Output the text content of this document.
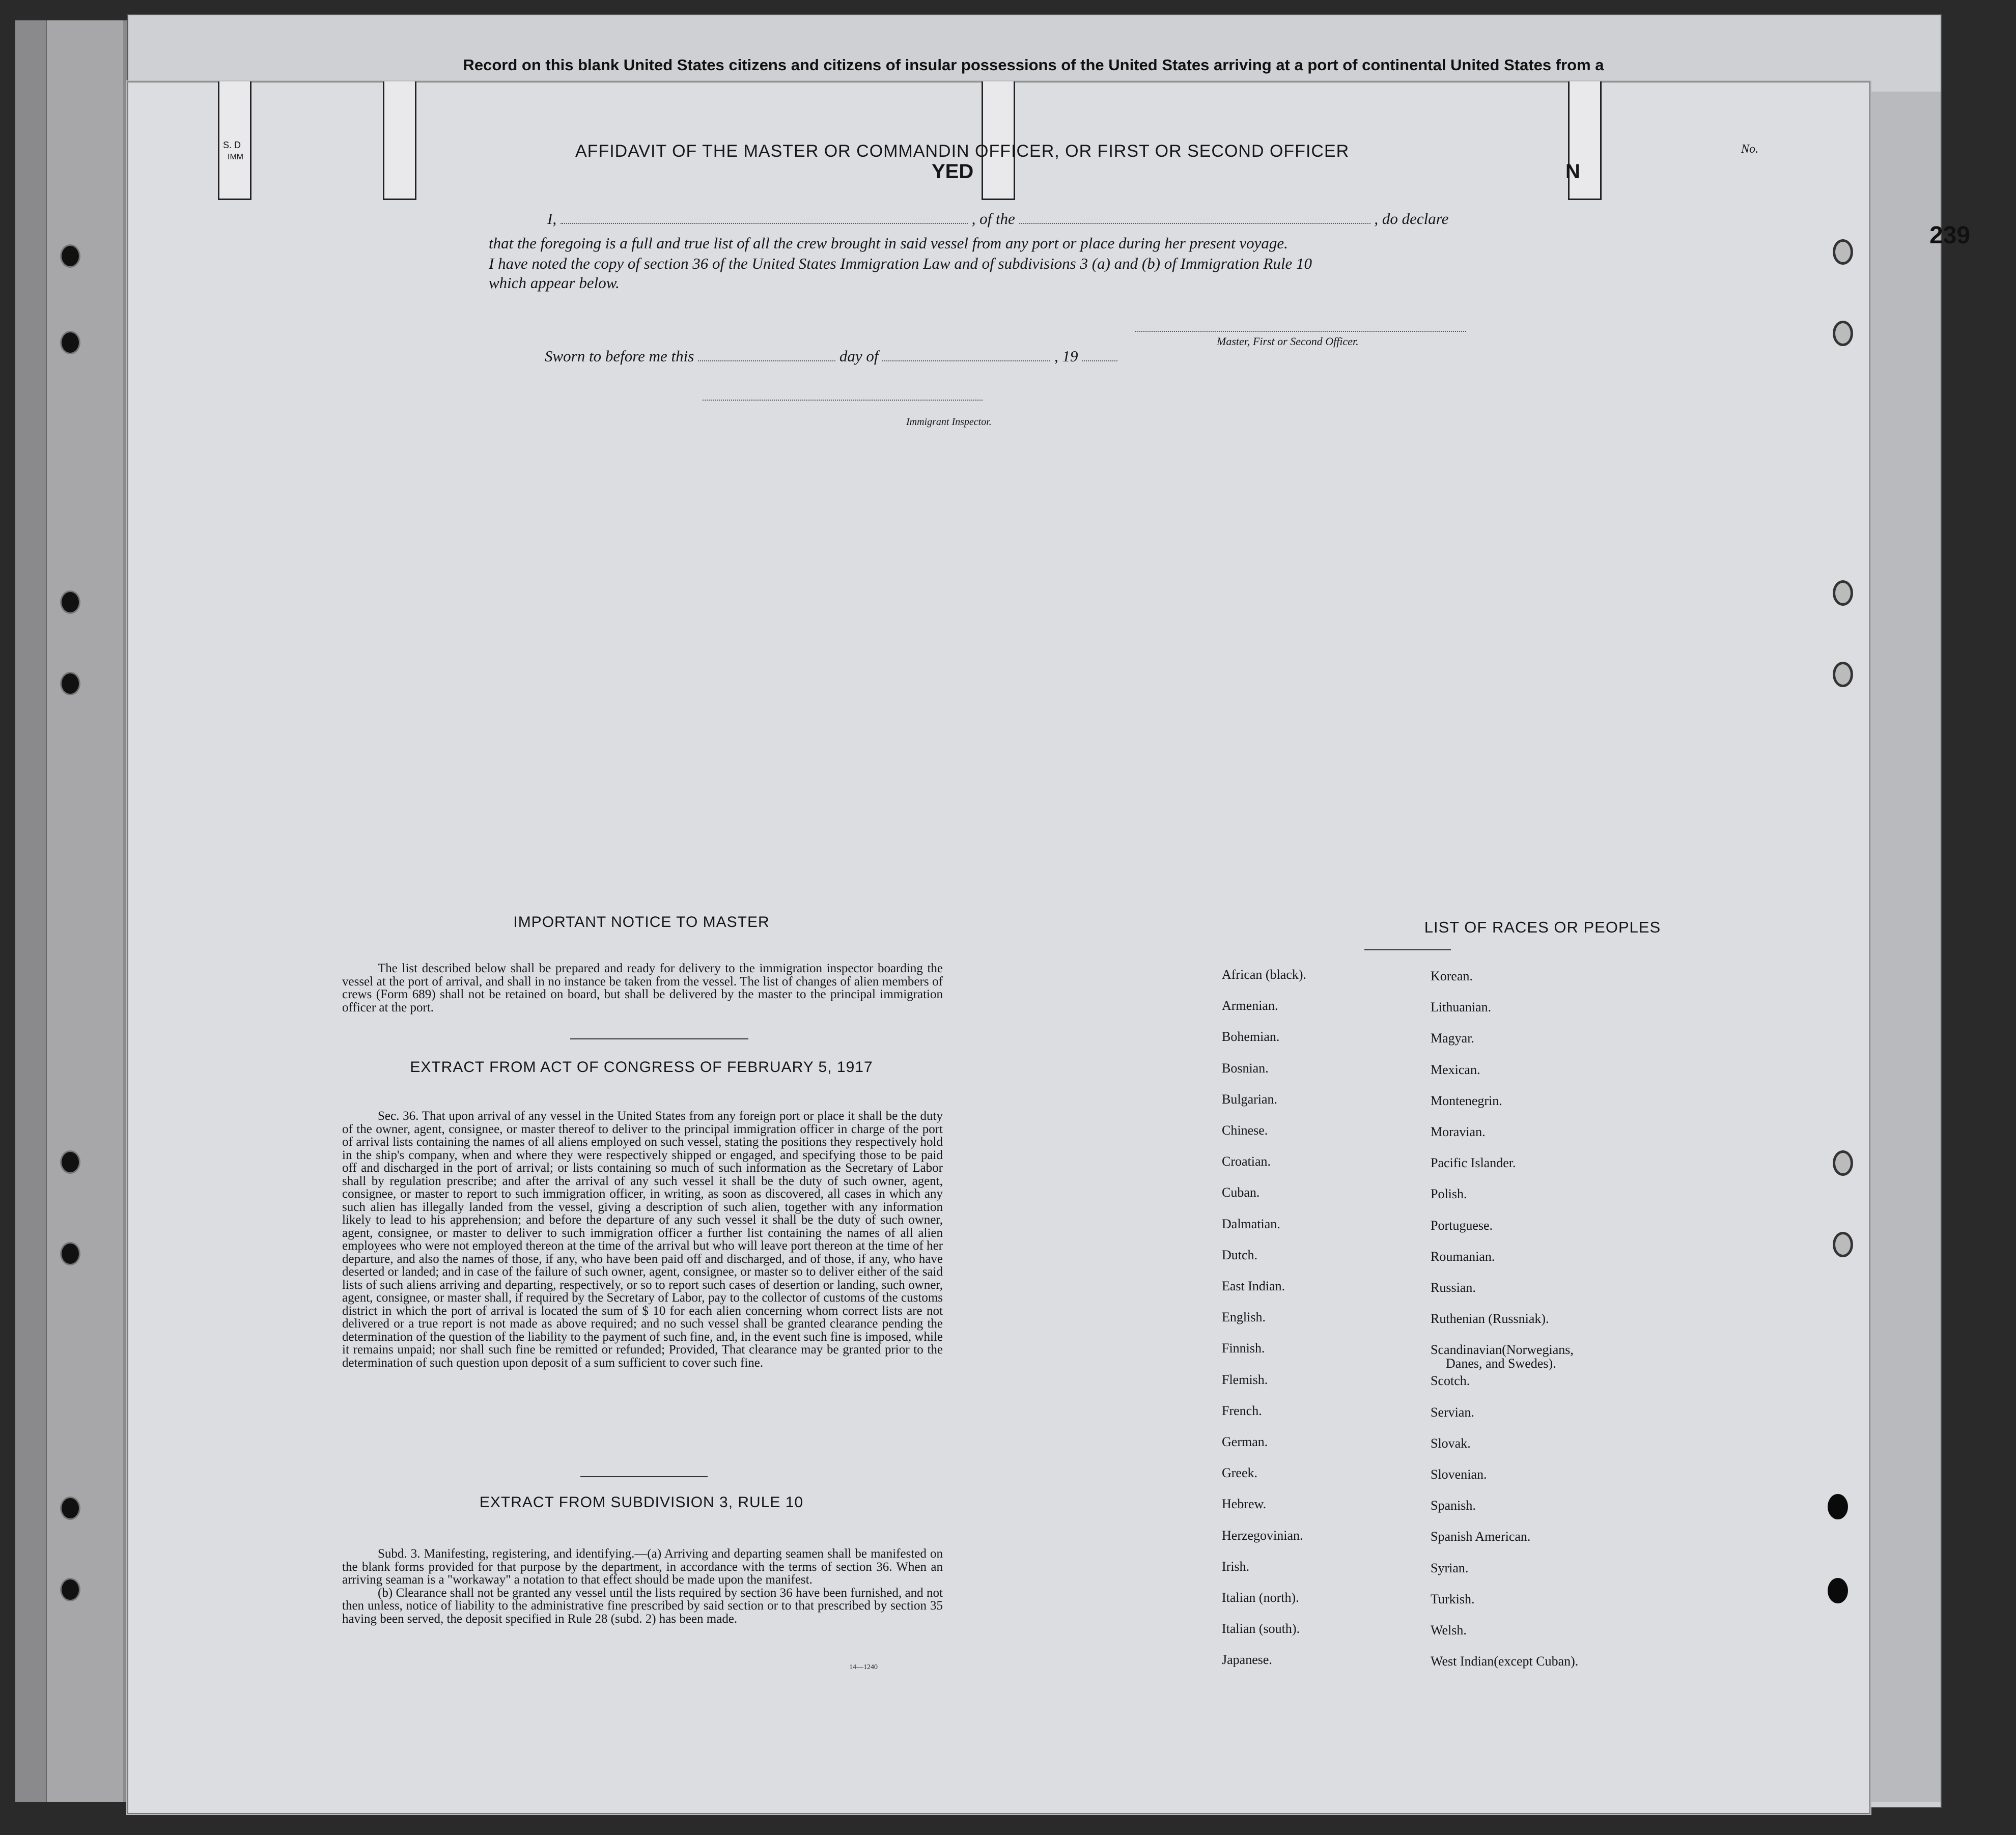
Record on this blank United States citizens and citizens of insular possessions of the United States arriving at a port of continental United States from a
239
S. D
IMM	AFFIDAVIT OF THE MASTER OR COMMANDIN OFFICER, OR FIRST OR SECOND OFFICER
YED	N
No.
I,	, of the	, do declare
that the foregoing is a full and true list of all the crew brought in said vessel from any port or place during her present voyage.
I have noted the copy of section 36 of the United States Immigration Law and of subdivisions 3 (a) and (b) of Immigration Rule 10
which appear below.
Master, First or Second Officer.
Sworn to before me this	day of	, 19
Immigrant Inspector.
IMPORTANT NOTICE TO MASTER

The list described below shall be prepared and ready for delivery to the immigration inspector boarding the vessel at the port of arrival, and shall in no instance be taken from the vessel. The list of changes of alien members of crews (Form 689) shall not be retained on board, but shall be delivered by the master to the principal immigration officer at the port.

EXTRACT FROM ACT OF CONGRESS OF FEBRUARY 5, 1917

Sec. 36. That upon arrival of any vessel in the United States from any foreign port or place it shall be the duty of the owner, agent, consignee, or master thereof to deliver to the principal immigration officer in charge of the port of arrival lists containing the names of all aliens employed on such vessel, stating the positions they respectively hold in the ship's company, when and where they were respectively shipped or engaged, and specifying those to be paid off and discharged in the port of arrival; or lists containing so much of such information as the Secretary of Labor shall by regulation prescribe; and after the arrival of any such vessel it shall be the duty of such owner, agent, consignee, or master to report to such immigration officer, in writing, as soon as discovered, all cases in which any such alien has illegally landed from the vessel, giving a description of such alien, together with any information likely to lead to his apprehension; and before the departure of any such vessel it shall be the duty of such owner, agent, consignee, or master to deliver to such immigration officer a further list containing the names of all alien employees who were not employed thereon at the time of the arrival but who will leave port thereon at the time of her departure, and also the names of those, if any, who have been paid off and discharged, and of those, if any, who have deserted or landed; and in case of the failure of such owner, agent, consignee, or master so to deliver either of the said lists of such aliens arriving and departing, respectively, or so to report such cases of desertion or landing, such owner, agent, consignee, or master shall, if required by the Secretary of Labor, pay to the collector of customs of the customs district in which the port of arrival is located the sum of $ 10 for each alien concerning whom correct lists are not delivered or a true report is not made as above required; and no such vessel shall be granted clearance pending the determination of the question of the liability to the payment of such fine, and, in the event such fine is imposed, while it remains unpaid; nor shall such fine be remitted or refunded; Provided, That clearance may be granted prior to the determination of such question upon deposit of a sum sufficient to cover such fine.

EXTRACT FROM SUBDIVISION 3, RULE 10

Subd. 3. Manifesting, registering, and identifying.—(a) Arriving and departing seamen shall be manifested on the blank forms provided for that purpose by the department, in accordance with the terms of section 36. When an arriving seaman is a "workaway" a notation to that effect should be made upon the manifest.

(b) Clearance shall not be granted any vessel until the lists required by section 36 have been furnished, and not then unless, notice of liability to the administrative fine prescribed by said section or to that prescribed by section 35 having been served, the deposit specified in Rule 28 (subd. 2) has been made.

14—1240
LIST OF RACES OR PEOPLES
African (black).
Armenian.
Bohemian.
Bosnian.
Bulgarian.
Chinese.
Croatian.
Cuban.
Dalmatian.
Dutch.
East Indian.
English.
Finnish.
Flemish.
French.
German.
Greek.
Hebrew.
Herzegovinian.
Irish.
Italian (north).
Italian (south).
Japanese.
Korean.
Lithuanian.
Magyar.
Mexican.
Montenegrin.
Moravian.
Pacific Islander.
Polish.
Portuguese.
Roumanian.
Russian.
Ruthenian (Russniak).
Scandinavian(Norwegians,
Danes, and Swedes).
Scotch.
Servian.
Slovak.
Slovenian.
Spanish.
Spanish American.
Syrian.
Turkish.
Welsh.
West Indian(except Cuban).
